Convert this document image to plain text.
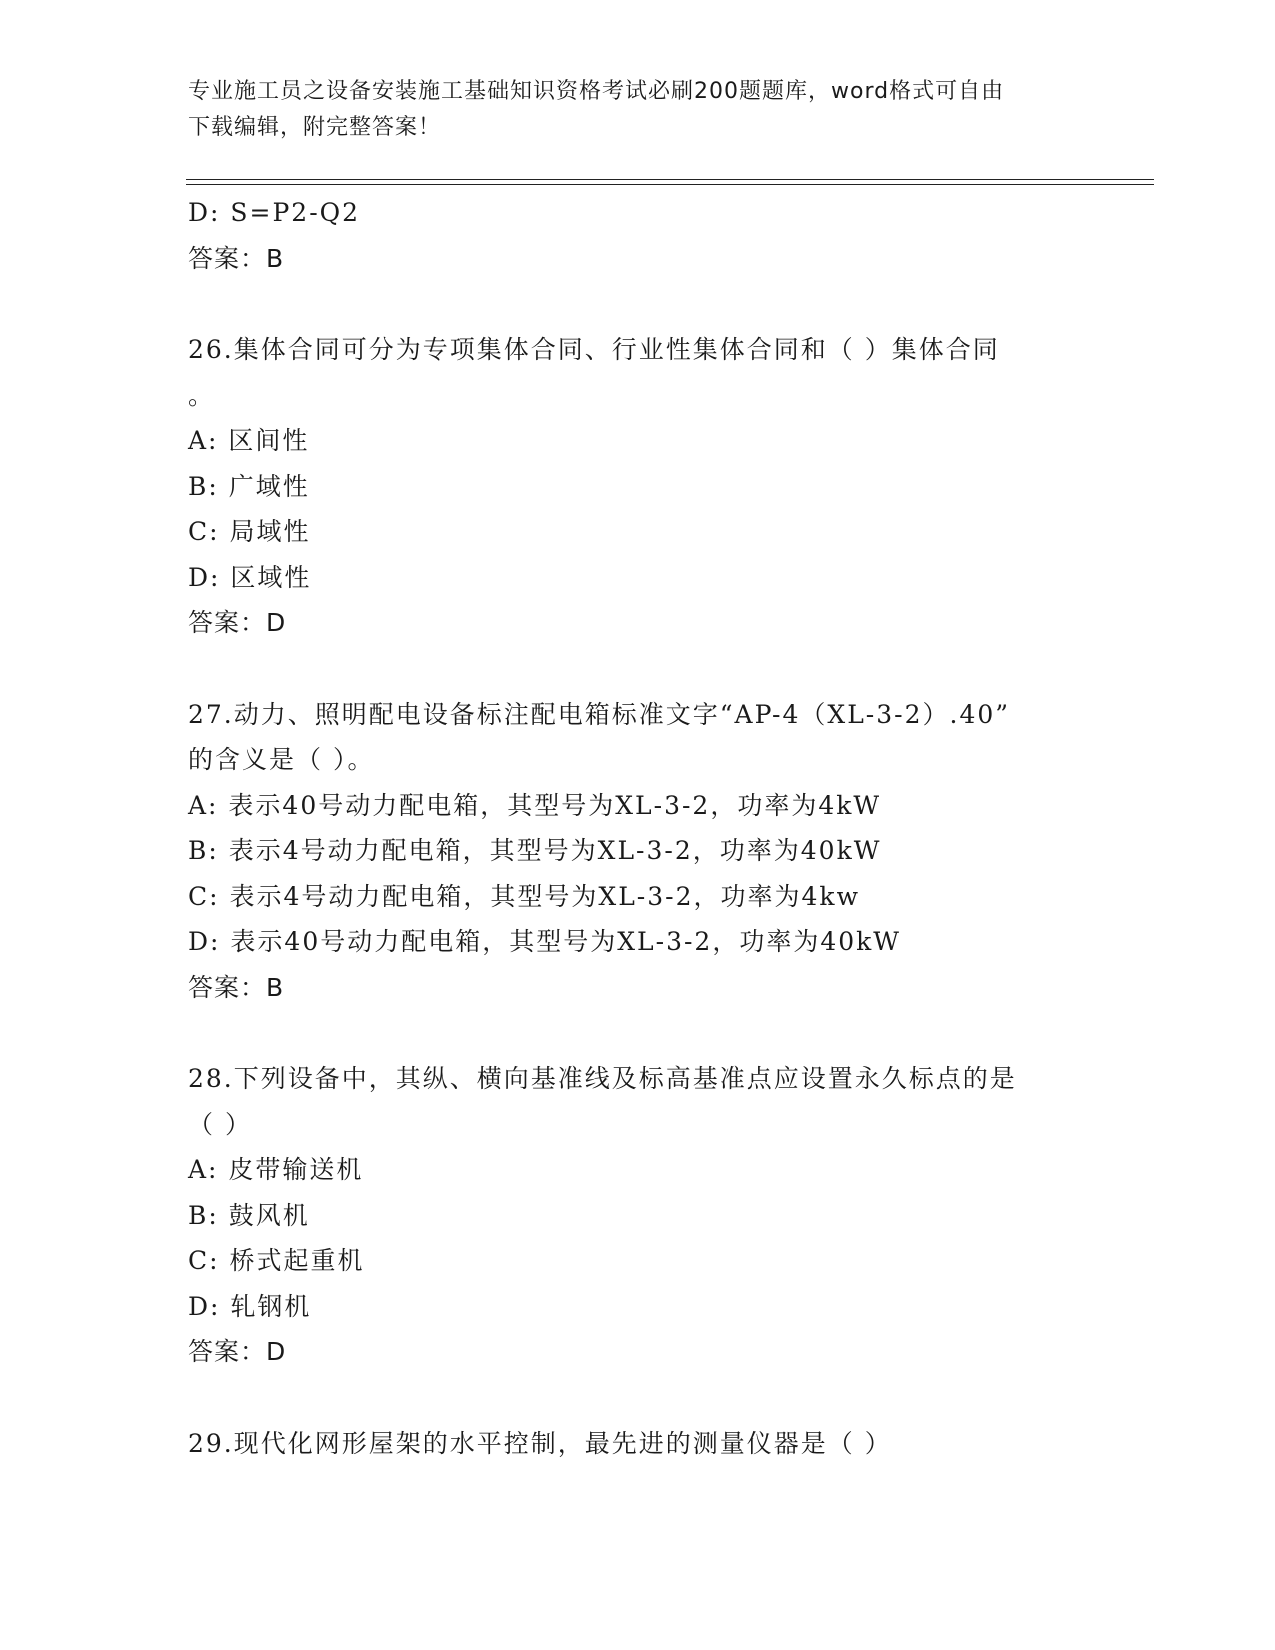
专业施工员之设备安装施工基础知识资格考试必刷200题题库，word格式可自由
下载编辑，附完整答案！
D: S=P2-Q2
答案：B
26.集体合同可分为专项集体合同、行业性集体合同和（ ）集体合同
。
A: 区间性
B: 广域性
C: 局域性
D: 区域性
答案：D
27.动力、照明配电设备标注配电箱标准文字“AP-4（XL-3-2）.40”
的含义是（ ）。
A: 表示40号动力配电箱，其型号为XL-3-2，功率为4kW
B: 表示4号动力配电箱，其型号为XL-3-2，功率为40kW
C: 表示4号动力配电箱，其型号为XL-3-2，功率为4kw
D: 表示40号动力配电箱，其型号为XL-3-2，功率为40kW
答案：B
28.下列设备中，其纵、横向基准线及标高基准点应设置永久标点的是
（ ）
A: 皮带输送机
B: 鼓风机
C: 桥式起重机
D: 轧钢机
答案：D
29.现代化网形屋架的水平控制，最先进的测量仪器是（ ）
